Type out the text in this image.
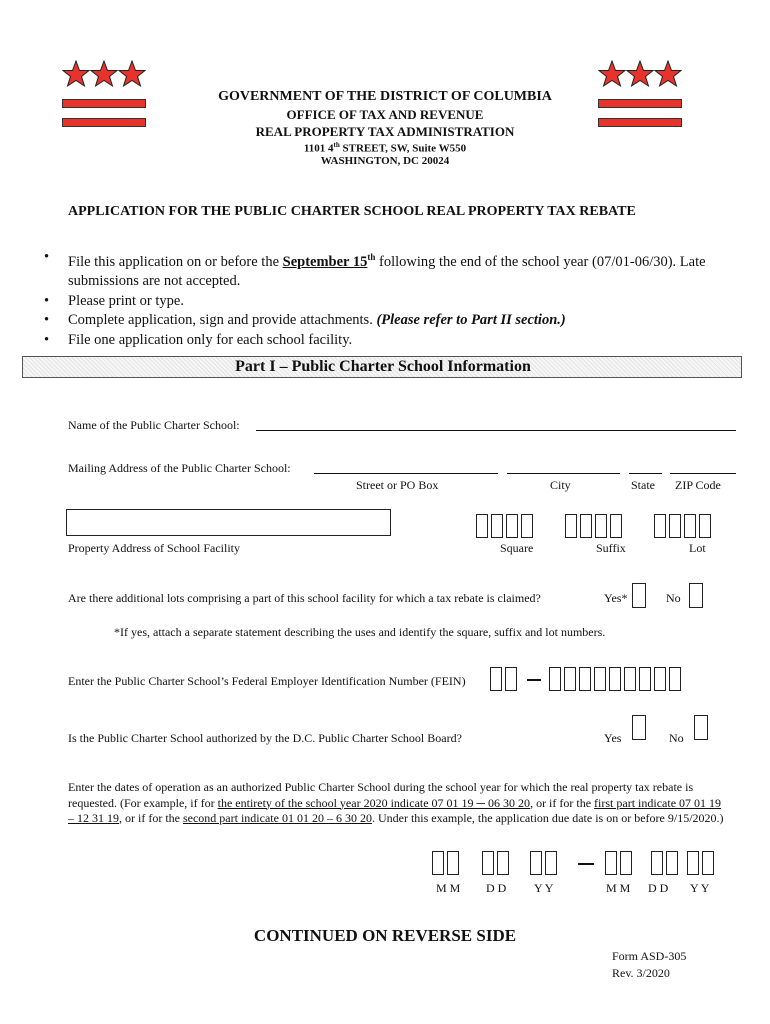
GOVERNMENT OF THE DISTRICT OF COLUMBIA
OFFICE OF TAX AND REVENUE
REAL PROPERTY TAX ADMINISTRATION
1101 4th STREET, SW, Suite W550
WASHINGTON, DC 20024
APPLICATION FOR THE PUBLIC CHARTER SCHOOL REAL PROPERTY TAX REBATE
• File this application on or before the September 15th following the end of the school year (07/01-06/30). Late submissions are not accepted.
• Please print or type.
• Complete application, sign and provide attachments. (Please refer to Part II section.)
• File one application only for each school facility.
Part I – Public Charter School Information
Name of the Public Charter School:
Mailing Address of the Public Charter School:
Street or PO Box	City	State ZIP Code
Property Address of School Facility	Square	Suffix	Lot
Are there additional lots comprising a part of this school facility for which a tax rebate is claimed?	Yes*	No
*If yes, attach a separate statement describing the uses and identify the square, suffix and lot numbers.
Enter the Public Charter School’s Federal Employer Identification Number (FEIN)
Is the Public Charter School authorized by the D.C. Public Charter School Board?	Yes	No
Enter the dates of operation as an authorized Public Charter School during the school year for which the real property tax rebate is requested. (For example, if for the entirety of the school year 2020 indicate 07 01 19 ─ 06 30 20, or if for the first part indicate 07 01 19 – 12 31 19, or if for the second part indicate 01 01 20 – 6 30 20. Under this example, the application due date is on or before 9/15/2020.)
M M D D Y Y	M M D D Y Y
CONTINUED ON REVERSE SIDE
Form ASD-305
Rev. 3/2020
